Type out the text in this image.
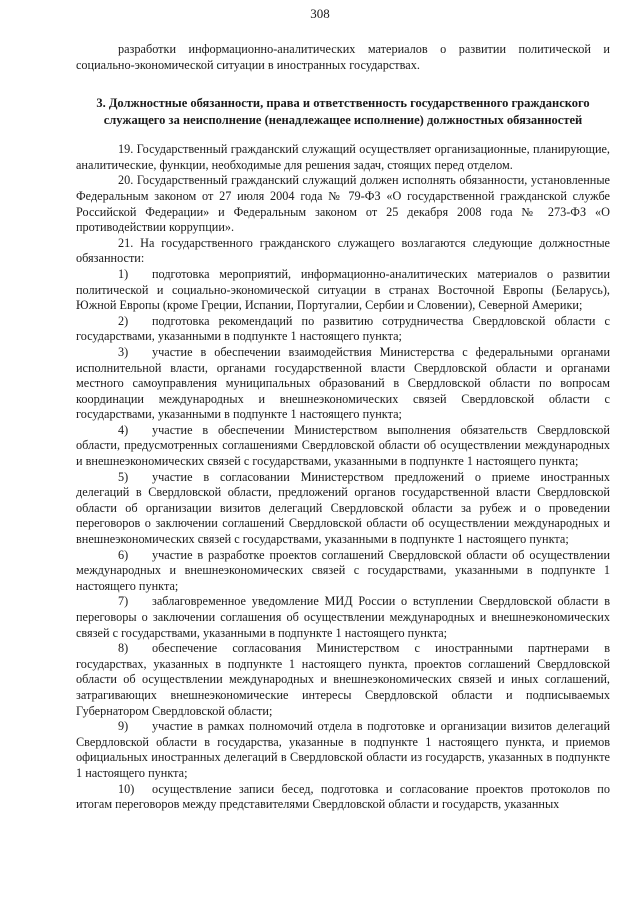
308

разработки информационно-аналитических материалов о развитии политической и социально-экономической ситуации в иностранных государствах.

3. Должностные обязанности, права и ответственность государственного гражданского служащего за неисполнение (ненадлежащее исполнение) должностных обязанностей

19. Государственный гражданский служащий осуществляет организационные, планирующие, аналитические, функции, необходимые для решения задач, стоящих перед отделом.

20. Государственный гражданский служащий должен исполнять обязанности, установленные Федеральным законом от 27 июля 2004 года № 79-ФЗ «О государственной гражданской службе Российской Федерации» и Федеральным законом от 25 декабря 2008 года № 273-ФЗ «О противодействии коррупции».

21. На государственного гражданского служащего возлагаются следующие должностные обязанности:

1) подготовка мероприятий, информационно-аналитических материалов о развитии политической и социально-экономической ситуации в странах Восточной Европы (Беларусь), Южной Европы (кроме Греции, Испании, Португалии, Сербии и Словении), Северной Америки;

2) подготовка рекомендаций по развитию сотрудничества Свердловской области с государствами, указанными в подпункте 1 настоящего пункта;

3) участие в обеспечении взаимодействия Министерства с федеральными органами исполнительной власти, органами государственной власти Свердловской области и органами местного самоуправления муниципальных образований в Свердловской области по вопросам координации международных и внешнеэкономических связей Свердловской области с государствами, указанными в подпункте 1 настоящего пункта;

4) участие в обеспечении Министерством выполнения обязательств Свердловской области, предусмотренных соглашениями Свердловской области об осуществлении международных и внешнеэкономических связей с государствами, указанными в подпункте 1 настоящего пункта;

5) участие в согласовании Министерством предложений о приеме иностранных делегаций в Свердловской области, предложений органов государственной власти Свердловской области об организации визитов делегаций Свердловской области за рубеж и о проведении переговоров о заключении соглашений Свердловской области об осуществлении международных и внешнеэкономических связей с государствами, указанными в подпункте 1 настоящего пункта;

6) участие в разработке проектов соглашений Свердловской области об осуществлении международных и внешнеэкономических связей с государствами, указанными в подпункте 1 настоящего пункта;

7) заблаговременное уведомление МИД России о вступлении Свердловской области в переговоры о заключении соглашения об осуществлении международных и внешнеэкономических связей с государствами, указанными в подпункте 1 настоящего пункта;

8) обеспечение согласования Министерством с иностранными партнерами в государствах, указанных в подпункте 1 настоящего пункта, проектов соглашений Свердловской области об осуществлении международных и внешнеэкономических связей и иных соглашений, затрагивающих внешнеэкономические интересы Свердловской области и подписываемых Губернатором Свердловской области;

9) участие в рамках полномочий отдела в подготовке и организации визитов делегаций Свердловской области в государства, указанные в подпункте 1 настоящего пункта, и приемов официальных иностранных делегаций в Свердловской области из государств, указанных в подпункте 1 настоящего пункта;

10) осуществление записи бесед, подготовка и согласование проектов протоколов по итогам переговоров между представителями Свердловской области и государств, указанных
